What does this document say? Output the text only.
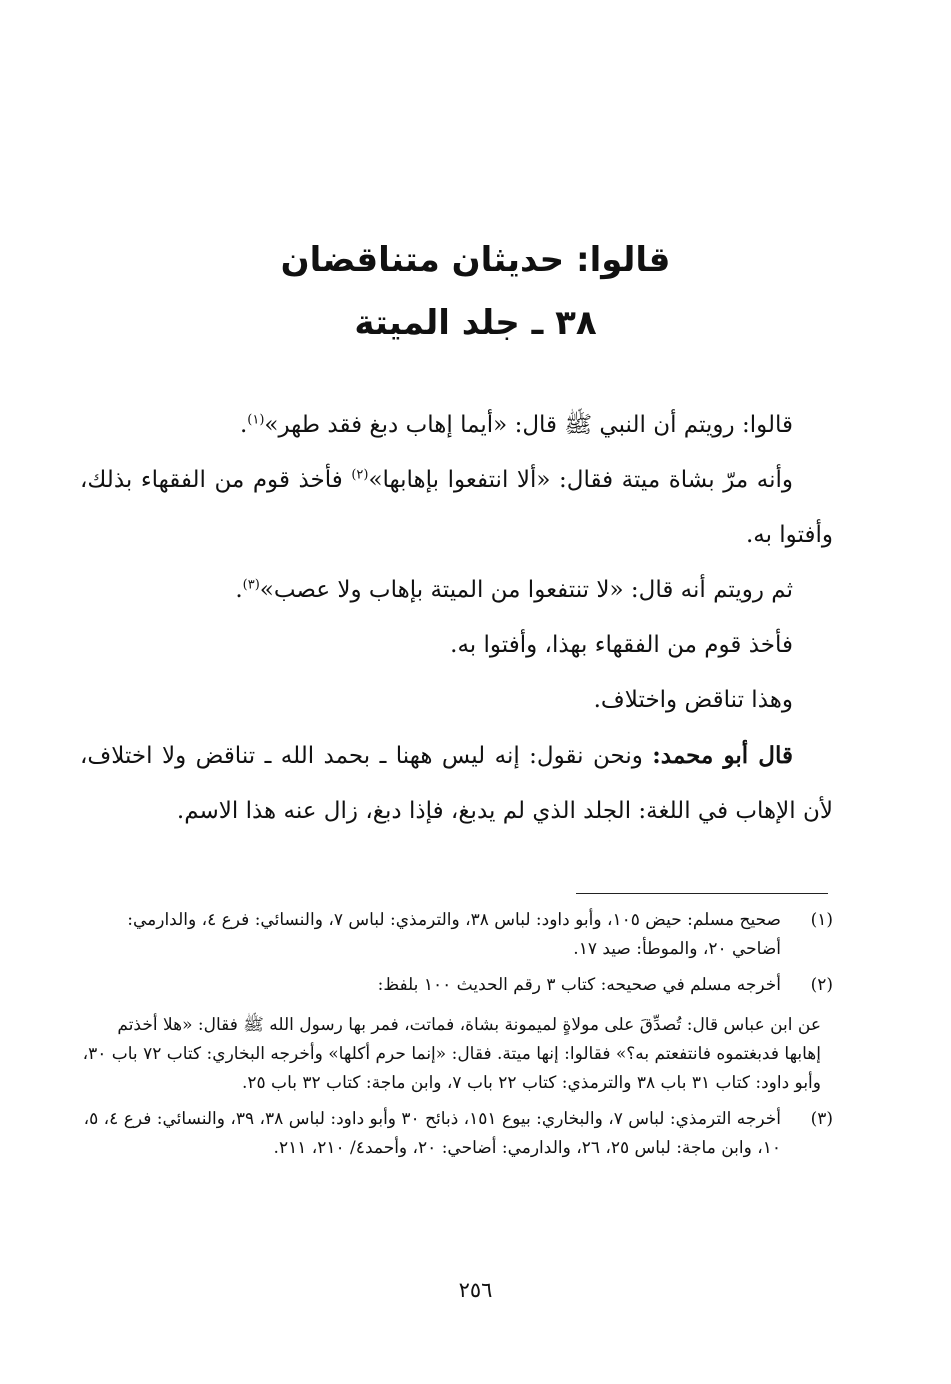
قالوا: حديثان متناقضان
٣٨ ـ جلد الميتة

قالوا: رويتم أن النبي ﷺ قال: «أيما إهاب دبغ فقد طهر»$^{(١)}$.

وأنه مرّ بشاة ميتة فقال: «ألا انتفعوا بإهابها»$^{(٢)}$ فأخذ قوم من الفقهاء بذلك، وأفتوا به.

ثم رويتم أنه قال: «لا تنتفعوا من الميتة بإهاب ولا عصب»$^{(٣)}$.

فأخذ قوم من الفقهاء بهذا، وأفتوا به.

وهذا تناقض واختلاف.

قال أبو محمد: ونحن نقول: إنه ليس ههنا ـ بحمد الله ـ تناقض ولا اختلاف، لأن الإهاب في اللغة: الجلد الذي لم يدبغ، فإذا دبغ، زال عنه هذا الاسم.

(١)
صحيح مسلم: حيض ١٠٥، وأبو داود: لباس ٣٨، والترمذي: لباس ٧، والنسائي: فرع ٤، والدارمي: أضاحي ٢٠، والموطأ: صيد ١٧.
(٢)
أخرجه مسلم في صحيحه: كتاب ٣ رقم الحديث ١٠٠ بلفظ:
عن ابن عباس قال: تُصدِّقَ على مولاةٍ لميمونة بشاة، فماتت، فمر بها رسول الله ﷺ فقال: «هلا أخذتم إهابها فدبغتموه فانتفعتم به؟» فقالوا: إنها ميتة. فقال: «إنما حرم أكلها» وأخرجه البخاري: كتاب ٧٢ باب ٣٠، وأبو داود: كتاب ٣١ باب ٣٨ والترمذي: كتاب ٢٢ باب ٧، وابن ماجة: كتاب ٣٢ باب ٢٥.
(٣)
أخرجه الترمذي: لباس ٧، والبخاري: بيوع ١٥١، ذبائح ٣٠ وأبو داود: لباس ٣٨، ٣٩، والنسائي: فرع ٤، ٥، ١٠، وابن ماجة: لباس ٢٥، ٢٦، والدارمي: أضاحي: ٢٠، وأحمد٤/ ٢١٠، ٢١١.
٢٥٦
